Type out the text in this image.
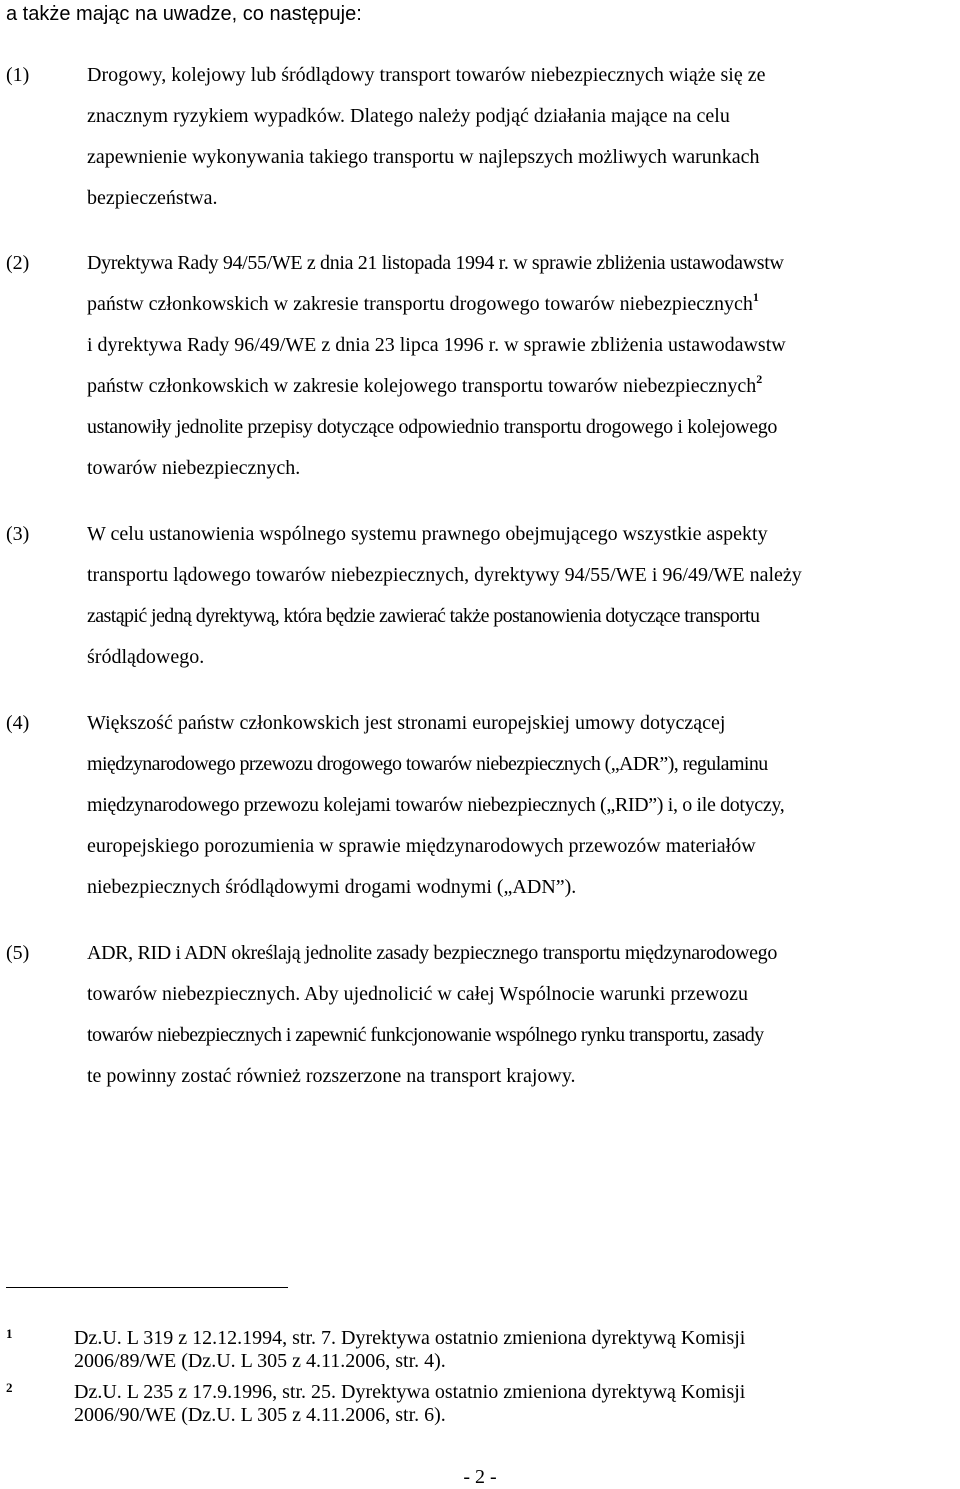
a także mając na uwadze, co następuje:
(1)	Drogowy, kolejowy lub śródlądowy transport towarów niebezpiecznych wiąże się ze
znacznym ryzykiem wypadków. Dlatego należy podjąć działania mające na celu
zapewnienie wykonywania takiego transportu w najlepszych możliwych warunkach
bezpieczeństwa.
(2)	Dyrektywa Rady 94/55/WE z dnia 21 listopada 1994 r. w sprawie zbliżenia ustawodawstw
państw członkowskich w zakresie transportu drogowego towarów niebezpiecznych$^1$
i dyrektywa Rady 96/49/WE z dnia 23 lipca 1996 r. w sprawie zbliżenia ustawodawstw
państw członkowskich w zakresie kolejowego transportu towarów niebezpiecznych$^2$
ustanowiły jednolite przepisy dotyczące odpowiednio transportu drogowego i kolejowego
towarów niebezpiecznych.
(3)	W celu ustanowienia wspólnego systemu prawnego obejmującego wszystkie aspekty
transportu lądowego towarów niebezpiecznych, dyrektywy 94/55/WE i 96/49/WE należy
zastąpić jedną dyrektywą, która będzie zawierać także postanowienia dotyczące transportu
śródlądowego.
(4)	Większość państw członkowskich jest stronami europejskiej umowy dotyczącej
międzynarodowego przewozu drogowego towarów niebezpiecznych („ADR”), regulaminu
międzynarodowego przewozu kolejami towarów niebezpiecznych („RID”) i, o ile dotyczy,
europejskiego porozumienia w sprawie międzynarodowych przewozów materiałów
niebezpiecznych śródlądowymi drogami wodnymi („ADN”).
(5)	ADR, RID i ADN określają jednolite zasady bezpiecznego transportu międzynarodowego
towarów niebezpiecznych. Aby ujednolicić w całej Wspólnocie warunki przewozu
towarów niebezpiecznych i zapewnić funkcjonowanie wspólnego rynku transportu, zasady
te powinny zostać również rozszerzone na transport krajowy.
1	Dz.U. L 319 z 12.12.1994, str. 7. Dyrektywa ostatnio zmieniona dyrektywą Komisji
2006/89/WE (Dz.U. L 305 z 4.11.2006, str. 4).
2	Dz.U. L 235 z 17.9.1996, str. 25. Dyrektywa ostatnio zmieniona dyrektywą Komisji
2006/90/WE (Dz.U. L 305 z 4.11.2006, str. 6).
- 2 -
